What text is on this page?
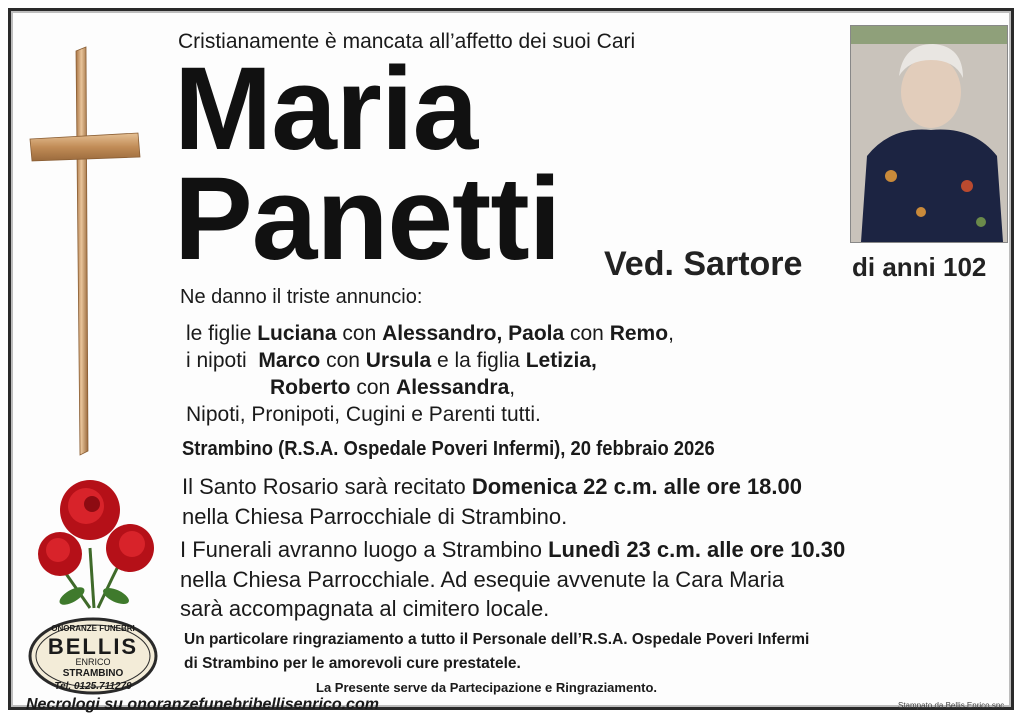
Cristianamente è mancata all’affetto dei suoi Cari
Maria
Panetti Ved. Sartore di anni 102
Ne danno il triste annuncio:
le figlie Luciana con Alessandro, Paola con Remo,
i nipoti  Marco con Ursula e la figlia Letizia,
Roberto con Alessandra,
Nipoti, Pronipoti, Cugini e Parenti tutti.
Strambino (R.S.A. Ospedale Poveri Infermi), 20 febbraio 2026
Il Santo Rosario sarà recitato Domenica 22 c.m. alle ore 18.00
nella Chiesa Parrocchiale di Strambino.
I Funerali avranno luogo a Strambino Lunedì 23 c.m. alle ore 10.30
nella Chiesa Parrocchiale. Ad esequie avvenute la Cara Maria
sarà accompagnata al cimitero locale.
Un particolare ringraziamento a tutto il Personale dell’R.S.A. Ospedale Poveri Infermi
di Strambino per le amorevoli cure prestatele.
La Presente serve da Partecipazione e Ringraziamento.
Necrologi su onoranzefunebribellisenrico.com	Stampato da Bellis Enrico snc
ONORANZE FUNEBRI
BELLIS
ENRICO
STRAMBINO
Tel. 0125.711279
